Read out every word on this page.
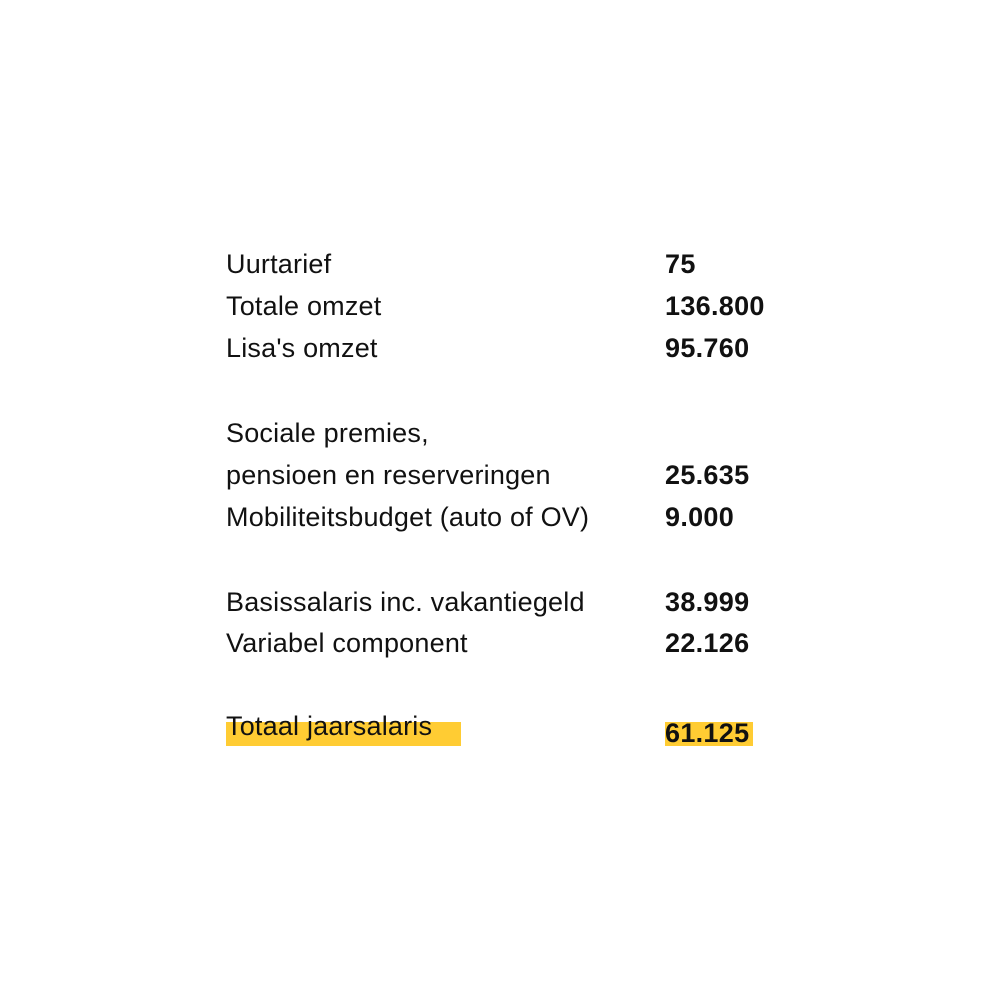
Uurtarief	75
Totale omzet	136.800
Lisa's omzet	95.760
Sociale premies,
pensioen en reserveringen	25.635
Mobiliteitsbudget (auto of OV)	9.000
Basissalaris inc. vakantiegeld	38.999
Variabel component	22.126
Totaal jaarsalaris	61.125
